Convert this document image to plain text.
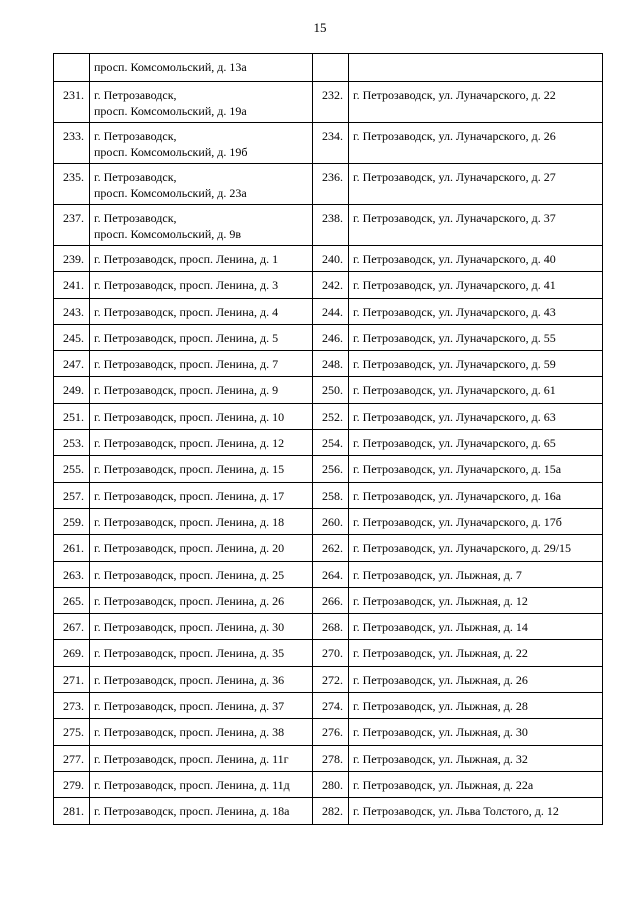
15

	просп. Комсомольский, д. 13а		

231.	г. Петрозаводск,
просп. Комсомольский, д. 19а	232.	г. Петрозаводск, ул. Луначарского, д. 22

233.	г. Петрозаводск,
просп. Комсомольский, д. 19б	234.	г. Петрозаводск, ул. Луначарского, д. 26

235.	г. Петрозаводск,
просп. Комсомольский, д. 23а	236.	г. Петрозаводск, ул. Луначарского, д. 27

237.	г. Петрозаводск,
просп. Комсомольский, д. 9в	238.	г. Петрозаводск, ул. Луначарского, д. 37

239.	г. Петрозаводск, просп. Ленина, д. 1	240.	г. Петрозаводск, ул. Луначарского, д. 40

241.	г. Петрозаводск, просп. Ленина, д. 3	242.	г. Петрозаводск, ул. Луначарского, д. 41

243.	г. Петрозаводск, просп. Ленина, д. 4	244.	г. Петрозаводск, ул. Луначарского, д. 43

245.	г. Петрозаводск, просп. Ленина, д. 5	246.	г. Петрозаводск, ул. Луначарского, д. 55

247.	г. Петрозаводск, просп. Ленина, д. 7	248.	г. Петрозаводск, ул. Луначарского, д. 59

249.	г. Петрозаводск, просп. Ленина, д. 9	250.	г. Петрозаводск, ул. Луначарского, д. 61

251.	г. Петрозаводск, просп. Ленина, д. 10	252.	г. Петрозаводск, ул. Луначарского, д. 63

253.	г. Петрозаводск, просп. Ленина, д. 12	254.	г. Петрозаводск, ул. Луначарского, д. 65

255.	г. Петрозаводск, просп. Ленина, д. 15	256.	г. Петрозаводск, ул. Луначарского, д. 15а

257.	г. Петрозаводск, просп. Ленина, д. 17	258.	г. Петрозаводск, ул. Луначарского, д. 16а

259.	г. Петрозаводск, просп. Ленина, д. 18	260.	г. Петрозаводск, ул. Луначарского, д. 17б

261.	г. Петрозаводск, просп. Ленина, д. 20	262.	г. Петрозаводск, ул. Луначарского, д. 29/15

263.	г. Петрозаводск, просп. Ленина, д. 25	264.	г. Петрозаводск, ул. Лыжная, д. 7

265.	г. Петрозаводск, просп. Ленина, д. 26	266.	г. Петрозаводск, ул. Лыжная, д. 12

267.	г. Петрозаводск, просп. Ленина, д. 30	268.	г. Петрозаводск, ул. Лыжная, д. 14

269.	г. Петрозаводск, просп. Ленина, д. 35	270.	г. Петрозаводск, ул. Лыжная, д. 22

271.	г. Петрозаводск, просп. Ленина, д. 36	272.	г. Петрозаводск, ул. Лыжная, д. 26

273.	г. Петрозаводск, просп. Ленина, д. 37	274.	г. Петрозаводск, ул. Лыжная, д. 28

275.	г. Петрозаводск, просп. Ленина, д. 38	276.	г. Петрозаводск, ул. Лыжная, д. 30

277.	г. Петрозаводск, просп. Ленина, д. 11г	278.	г. Петрозаводск, ул. Лыжная, д. 32

279.	г. Петрозаводск, просп. Ленина, д. 11д	280.	г. Петрозаводск, ул. Лыжная, д. 22а

281.	г. Петрозаводск, просп. Ленина, д. 18а	282.	г. Петрозаводск, ул. Льва Толстого, д. 12
